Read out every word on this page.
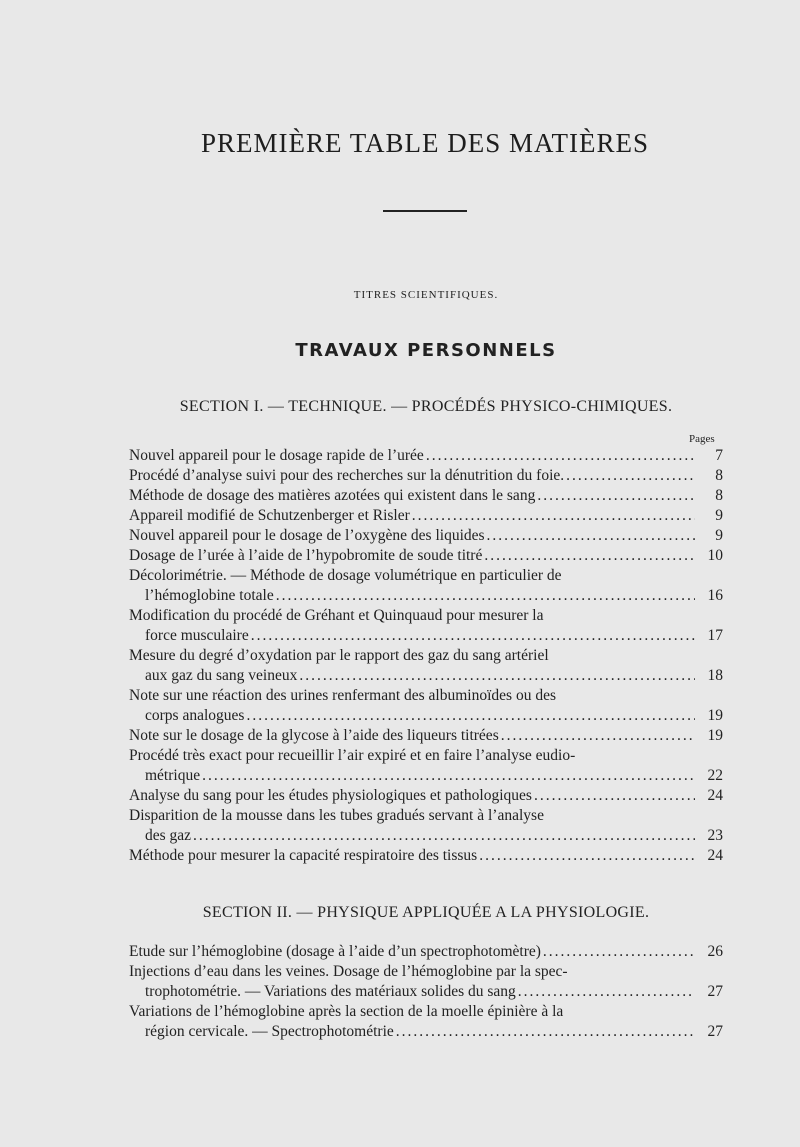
PREMIÈRE TABLE DES MATIÈRES
TITRES SCIENTIFIQUES.
TRAVAUX PERSONNELS
SECTION I. — TECHNIQUE. — PROCÉDÉS PHYSICO-CHIMIQUES.
Pages
Nouvel appareil pour le dosage rapide de l’urée .....	7
Procédé d’analyse suivi pour des recherches sur la dénutrition du foie. .....	8
Méthode de dosage des matières azotées qui existent dans le sang .....	8
Appareil modifié de Schutzenberger et Risler .....	9
Nouvel appareil pour le dosage de l’oxygène des liquides .....	9
Dosage de l’urée à l’aide de l’hypobromite de soude titré .....	10
Décolorimétrie. — Méthode de dosage volumétrique en particulier de
l’hémoglobine totale .....	16
Modification du procédé de Gréhant et Quinquaud pour mesurer la
force musculaire .....	17
Mesure du degré d’oxydation par le rapport des gaz du sang artériel
aux gaz du sang veineux .....	18
Note sur une réaction des urines renfermant des albuminoïdes ou des
corps analogues .....	19
Note sur le dosage de la glycose à l’aide des liqueurs titrées .....	19
Procédé très exact pour recueillir l’air expiré et en faire l’analyse eudio-
métrique .....	22
Analyse du sang pour les études physiologiques et pathologiques .....	24
Disparition de la mousse dans les tubes gradués servant à l’analyse
des gaz .....	23
Méthode pour mesurer la capacité respiratoire des tissus .....	24
SECTION II. — PHYSIQUE APPLIQUÉE A LA PHYSIOLOGIE.
Etude sur l’hémoglobine (dosage à l’aide d’un spectrophotomètre) .....	26
Injections d’eau dans les veines. Dosage de l’hémoglobine par la spec-
trophotométrie. — Variations des matériaux solides du sang .....	27
Variations de l’hémoglobine après la section de la moelle épinière à la
région cervicale. — Spectrophotométrie .....	27
